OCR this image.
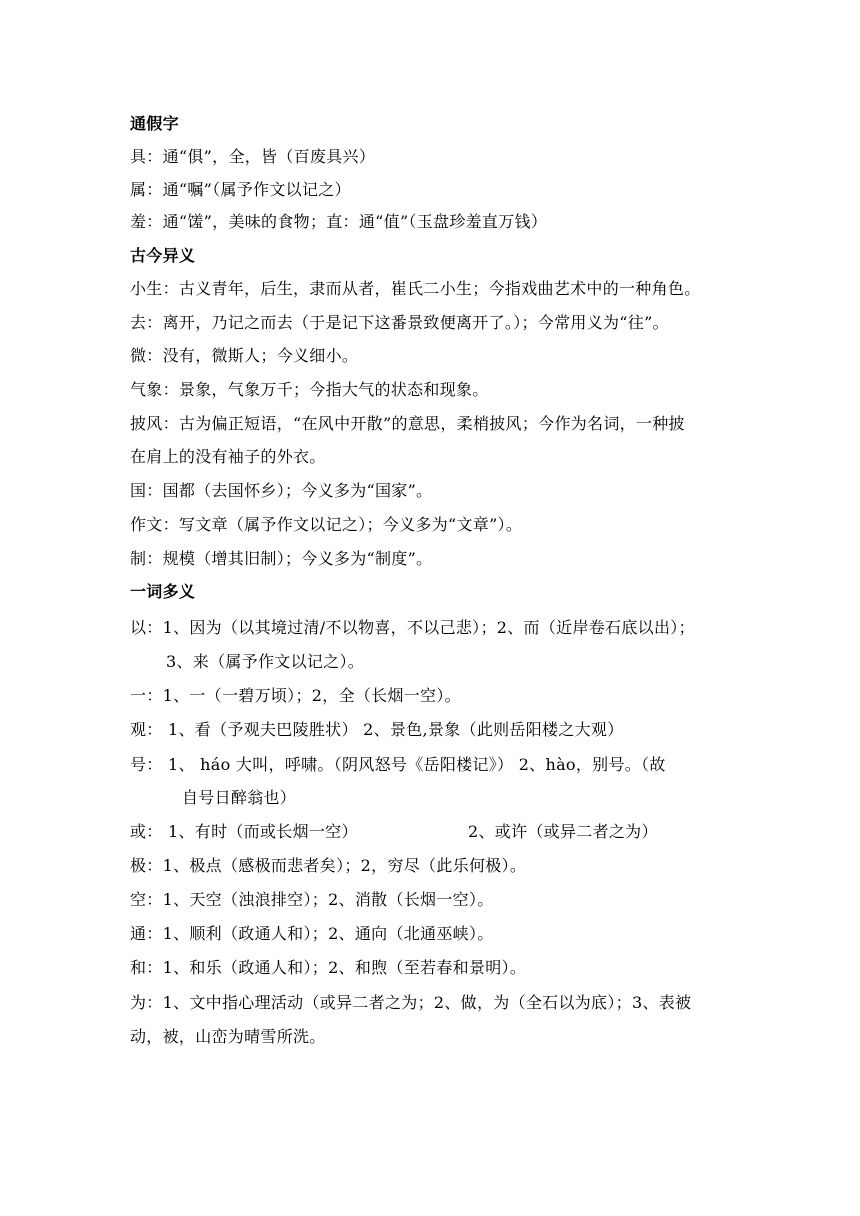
通假字
具：通“俱”，全，皆（百废具兴）
属：通“嘱”（属予作文以记之）
羞：通“馐”，美味的食物；直：通“值”（玉盘珍羞直万钱）
古今异义
小生：古义青年，后生，隶而从者，崔氏二小生；今指戏曲艺术中的一种角色。
去：离开，乃记之而去（于是记下这番景致便离开了。）；今常用义为“往”。
微：没有，微斯人；今义细小。
气象：景象，气象万千；今指大气的状态和现象。
披风：古为偏正短语，“在风中开散”的意思，柔梢披风；今作为名词，一种披
在肩上的没有袖子的外衣。
国：国都（去国怀乡）；今义多为“国家”。
作文：写文章（属予作文以记之）；今义多为“文章”）。
制：规模（增其旧制）；今义多为“制度”。
一词多义
以：1、因为（以其境过清/不以物喜，不以己悲）；2、而（近岸卷石底以出）；
3、来（属予作文以记之）。
一：1、一（一碧万顷）；2，全（长烟一空）。
观： 1、看（予观夫巴陵胜状） 2、景色,景象（此则岳阳楼之大观）
号： 1、 háo 大叫，呼啸。（阴风怒号《岳阳楼记》） 2、hào，别号。（故
自号日醉翁也）
或： 1、有时（而或长烟一空）	2、或许（或异二者之为）
极：1、极点（感极而悲者矣）；2，穷尽（此乐何极）。
空：1、天空（浊浪排空）；2、消散（长烟一空）。
通：1、顺利（政通人和）；2、通向（北通巫峡）。
和：1、和乐（政通人和）；2、和煦（至若春和景明）。
为：1、文中指心理活动（或异二者之为；2、做，为（全石以为底）；3、表被
动，被，山峦为晴雪所洗。
